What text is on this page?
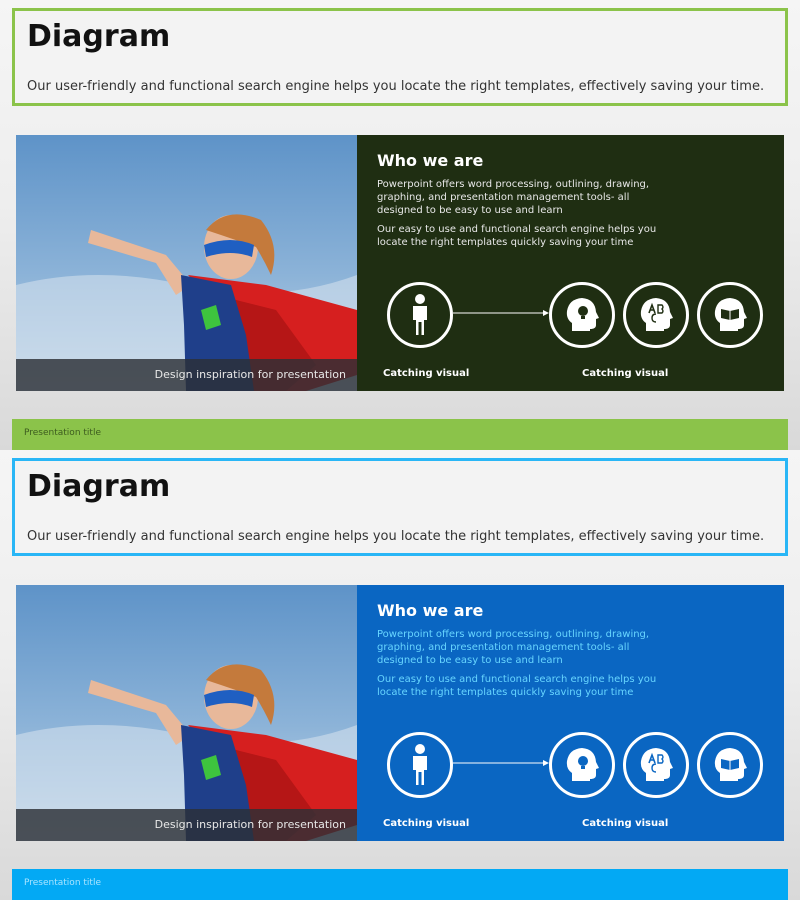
Diagram

Our user-friendly and functional search engine helps you locate the right templates, effectively saving your time.

Design inspiration for presentation
Who we are

Powerpoint offers word processing, outlining, drawing, graphing, and presentation management tools- all designed to be easy to use and learn

Our easy to use and functional search engine helps you locate the right templates quickly saving your time

Catching visual	Catching visual
Presentation title
Diagram

Our user-friendly and functional search engine helps you locate the right templates, effectively saving your time.

Design inspiration for presentation
Who we are

Powerpoint offers word processing, outlining, drawing, graphing, and presentation management tools- all designed to be easy to use and learn

Our easy to use and functional search engine helps you locate the right templates quickly saving your time

Catching visual	Catching visual
Presentation title
